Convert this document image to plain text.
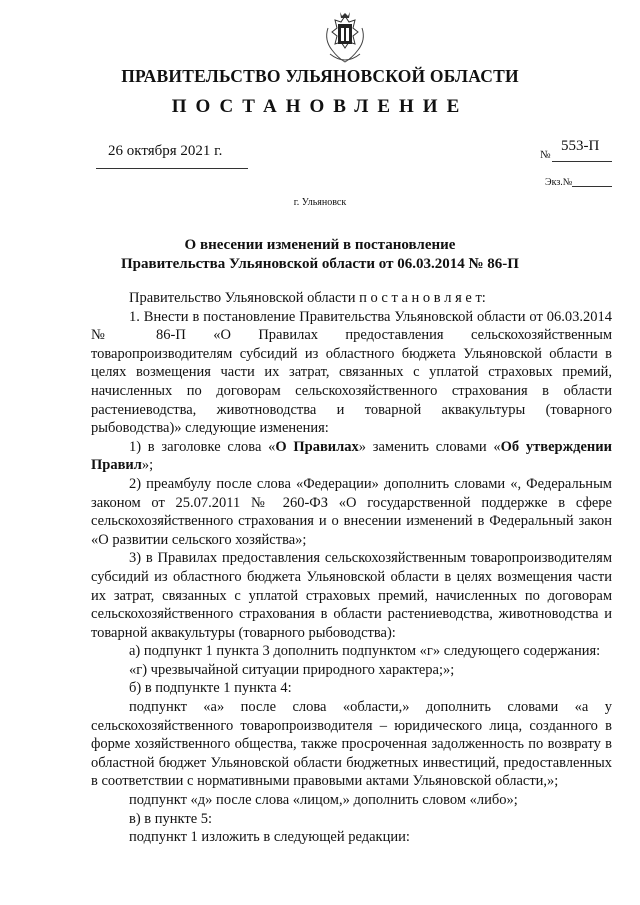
ПРАВИТЕЛЬСТВО УЛЬЯНОВСКОЙ ОБЛАСТИ
ПОСТАНОВЛЕНИЕ
26 октября 2021 г.	553-П
№
Экз.№
г. Ульяновск
О внесении изменений в постановление
Правительства Ульяновской области от 06.03.2014 № 86-П

Правительство Ульяновской области п о с т а н о в л я е т:

1. Внести в постановление Правительства Ульяновской области от 06.03.2014 № 86-П «О Правилах предоставления сельскохозяйственным товаропроизводителям субсидий из областного бюджета Ульяновской области в целях возмещения части их затрат, связанных с уплатой страховых премий, начисленных по договорам сельскохозяйственного страхования в области растениеводства, животноводства и товарной аквакультуры (товарного рыбоводства)» следующие изменения:

1) в заголовке слова «О Правилах» заменить словами «Об утверждении Правил»;

2) преамбулу после слова «Федерации» дополнить словами «, Федеральным законом от 25.07.2011 № 260-ФЗ «О государственной поддержке в сфере сельскохозяйственного страхования и о внесении изменений в Федеральный закон «О развитии сельского хозяйства»;

3) в Правилах предоставления сельскохозяйственным товаропроизводителям субсидий из областного бюджета Ульяновской области в целях возмещения части их затрат, связанных с уплатой страховых премий, начисленных по договорам сельскохозяйственного страхования в области растениеводства, животноводства и товарной аквакультуры (товарного рыбоводства):

а) подпункт 1 пункта 3 дополнить подпунктом «г» следующего содержания:

«г) чрезвычайной ситуации природного характера;»;

б) в подпункте 1 пункта 4:

подпункт «а» после слова «области,» дополнить словами «а у сельскохозяйственного товаропроизводителя – юридического лица, созданного в форме хозяйственного общества, также просроченная задолженность по возврату в областной бюджет Ульяновской области бюджетных инвестиций, предоставленных в соответствии с нормативными правовыми актами Ульяновской области,»;

подпункт «д» после слова «лицом,» дополнить словом «либо»;

в) в пункте 5:

подпункт 1 изложить в следующей редакции:
